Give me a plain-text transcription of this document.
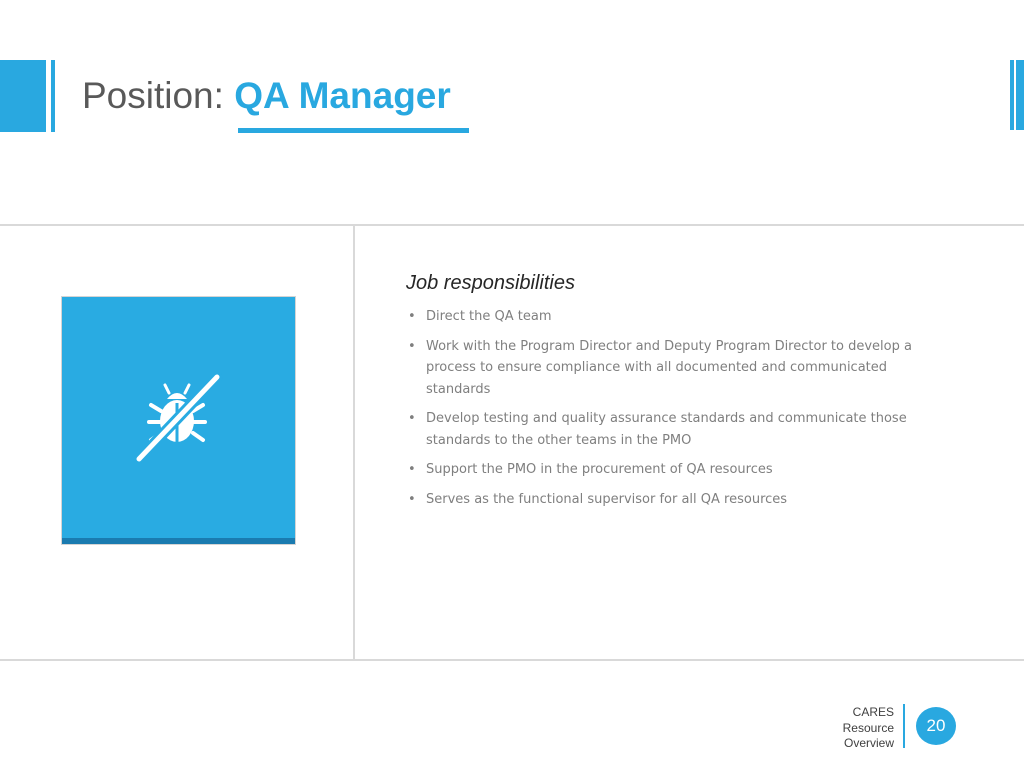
Position: QA Manager
Job responsibilities
• Direct the QA team
• Work with the Program Director and Deputy Program Director to develop a process to ensure compliance with all documented and communicated standards
• Develop testing and quality assurance standards and communicate those standards to the other teams in the PMO
• Support the PMO in the procurement of QA resources
• Serves as the functional supervisor for all QA resources
CARES
Resource
Overview
20
